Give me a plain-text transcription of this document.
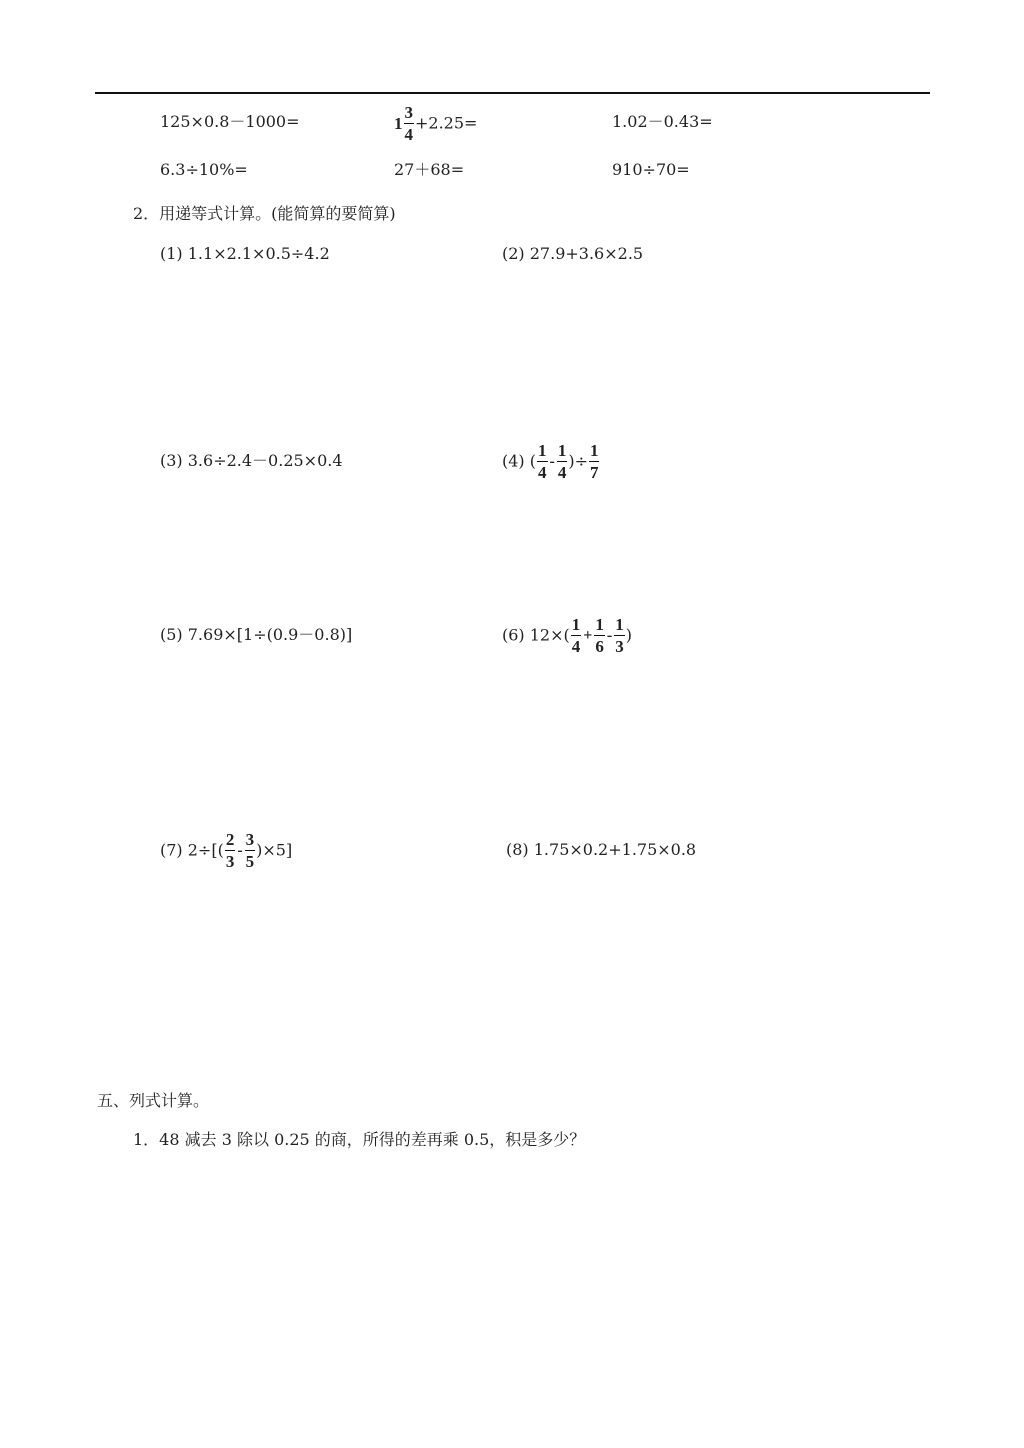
125×0.8－1000=	$1 \frac{3}{4} +2.25=$	1.02－0.43=
6.3÷10%=	27＋68=	910÷70=
2．用递等式计算。(能简算的要简算)
(1) 1.1×2.1×0.5÷4.2	(2) 27.9+3.6×2.5
(3) 3.6÷2.4－0.25×0.4	(4) ( $\frac{1}{4} - \frac{1}{4}$ )÷ $\frac{1}{7}$
(5) 7.69×[1÷(0.9－0.8)]	(6) $12\times( \frac{1}{4} + \frac{1}{6} - \frac{1}{3}$ )
(7) $2\div[( \frac{2}{3} - \frac{3}{5} )\times 5]$	(8) 1.75×0.2+1.75×0.8
五、列式计算。
1．48 减去 3 除以 0.25 的商，所得的差再乘 0.5，积是多少？
